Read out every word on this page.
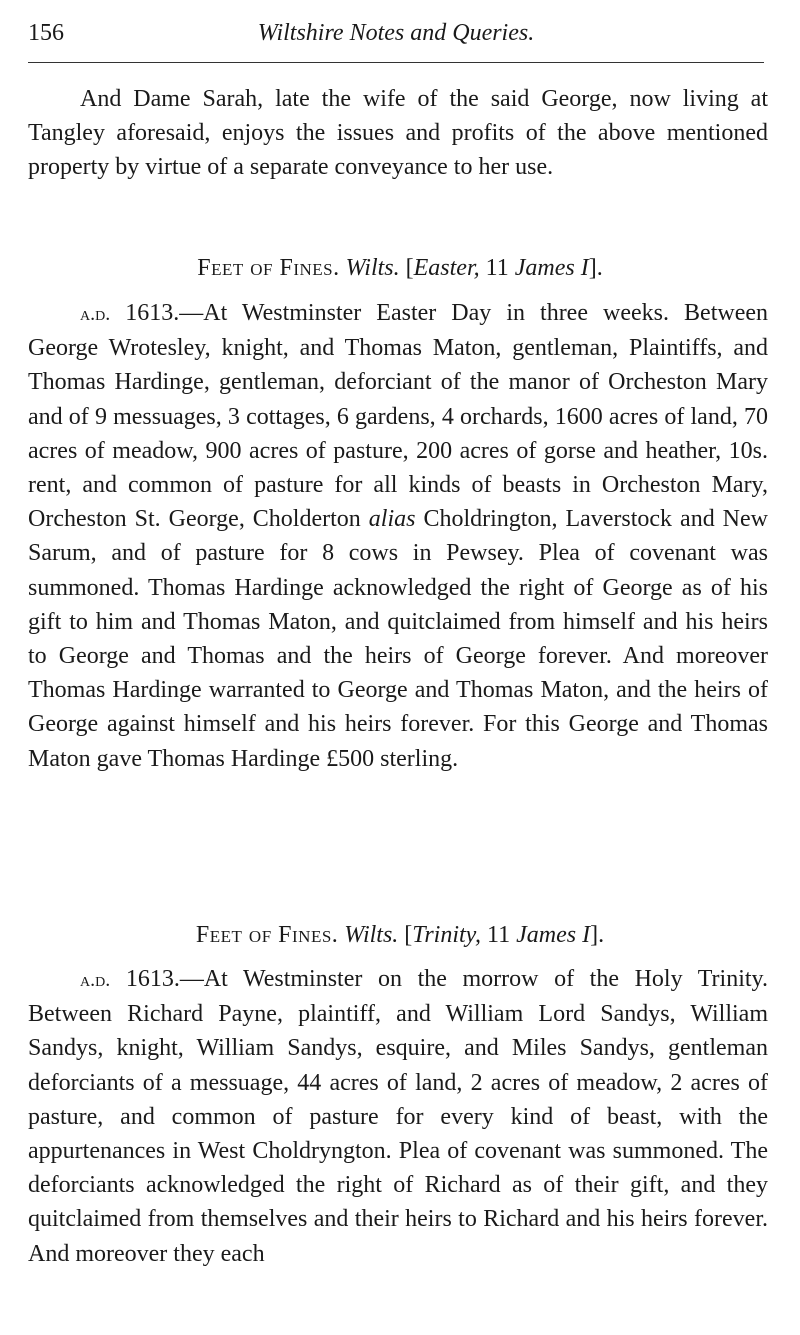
156	Wiltshire Notes and Queries.

And Dame Sarah, late the wife of the said George, now living at Tangley aforesaid, enjoys the issues and profits of the above mentioned property by virtue of a separate conveyance to her use.

Feet of Fines. Wilts. [Easter, 11 James I].

a.d. 1613.—At Westminster Easter Day in three weeks. Between George Wrotesley, knight, and Thomas Maton, gentleman, Plaintiffs, and Thomas Hardinge, gentleman, deforciant of the manor of Orcheston Mary and of 9 messuages, 3 cottages, 6 gardens, 4 orchards, 1600 acres of land, 70 acres of meadow, 900 acres of pasture, 200 acres of gorse and heather, 10s. rent, and common of pasture for all kinds of beasts in Orcheston Mary, Orcheston St. George, Cholderton alias Choldrington, Laverstock and New Sarum, and of pasture for 8 cows in Pewsey. Plea of covenant was summoned. Thomas Hardinge acknowledged the right of George as of his gift to him and Thomas Maton, and quitclaimed from himself and his heirs to George and Thomas and the heirs of George forever. And moreover Thomas Hardinge warranted to George and Thomas Maton, and the heirs of George against himself and his heirs forever. For this George and Thomas Maton gave Thomas Hardinge £500 sterling.

Feet of Fines. Wilts. [Trinity, 11 James I].

a.d. 1613.—At Westminster on the morrow of the Holy Trinity. Between Richard Payne, plaintiff, and William Lord Sandys, William Sandys, knight, William Sandys, esquire, and Miles Sandys, gentleman deforciants of a messuage, 44 acres of land, 2 acres of meadow, 2 acres of pasture, and common of pasture for every kind of beast, with the appurtenances in West Choldryngton. Plea of covenant was summoned. The deforciants acknowledged the right of Richard as of their gift, and they quitclaimed from themselves and their heirs to Richard and his heirs forever. And moreover they each
